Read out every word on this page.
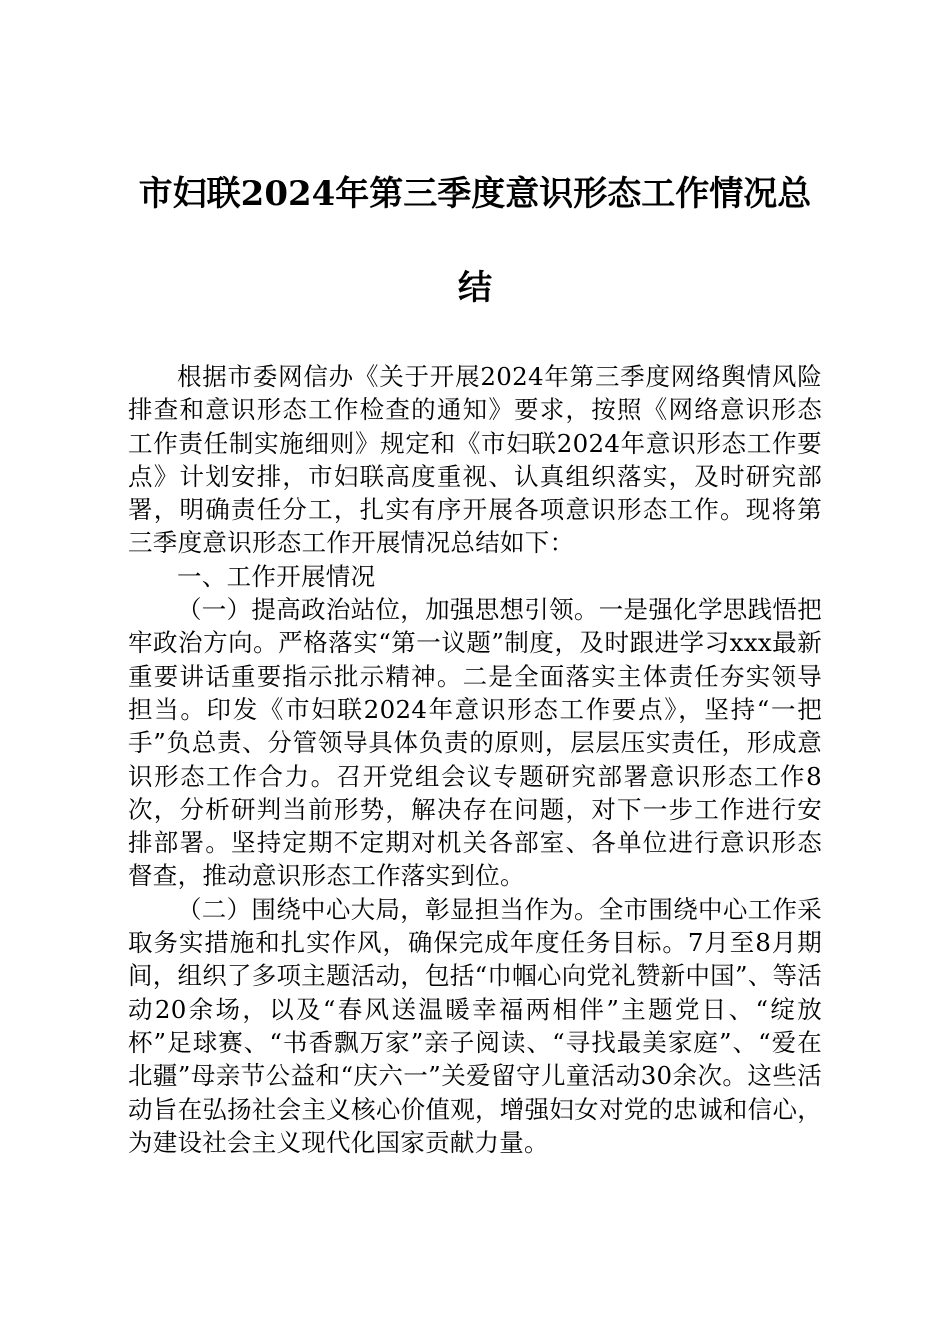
市妇联2024年第三季度意识形态工作情况总
结

根据市委网信办《关于开展2024年第三季度网络舆情风险排查和意识形态工作检查的通知》要求，按照《网络意识形态工作责任制实施细则》规定和《市妇联2024年意识形态工作要点》计划安排，市妇联高度重视、认真组织落实，及时研究部署，明确责任分工，扎实有序开展各项意识形态工作。现将第三季度意识形态工作开展情况总结如下：

一、工作开展情况

（一）提高政治站位，加强思想引领。一是强化学思践悟把牢政治方向。严格落实“第一议题”制度，及时跟进学习xxx最新重要讲话重要指示批示精神。二是全面落实主体责任夯实领导担当。印发《市妇联2024年意识形态工作要点》，坚持“一把手”负总责、分管领导具体负责的原则，层层压实责任，形成意识形态工作合力。召开党组会议专题研究部署意识形态工作8次，分析研判当前形势，解决存在问题，对下一步工作进行安排部署。坚持定期不定期对机关各部室、各单位进行意识形态督查，推动意识形态工作落实到位。

（二）围绕中心大局，彰显担当作为。全市围绕中心工作采取务实措施和扎实作风，确保完成年度任务目标。7月至8月期间，组织了多项主题活动，包括“巾帼心向党礼赞新中国”、等活动20余场，以及“春风送温暖幸福两相伴”主题党日、“绽放杯”足球赛、“书香飘万家”亲子阅读、“寻找最美家庭”、“爱在北疆”母亲节公益和“庆六一”关爱留守儿童活动30余次。这些活动旨在弘扬社会主义核心价值观，增强妇女对党的忠诚和信心，为建设社会主义现代化国家贡献力量。
